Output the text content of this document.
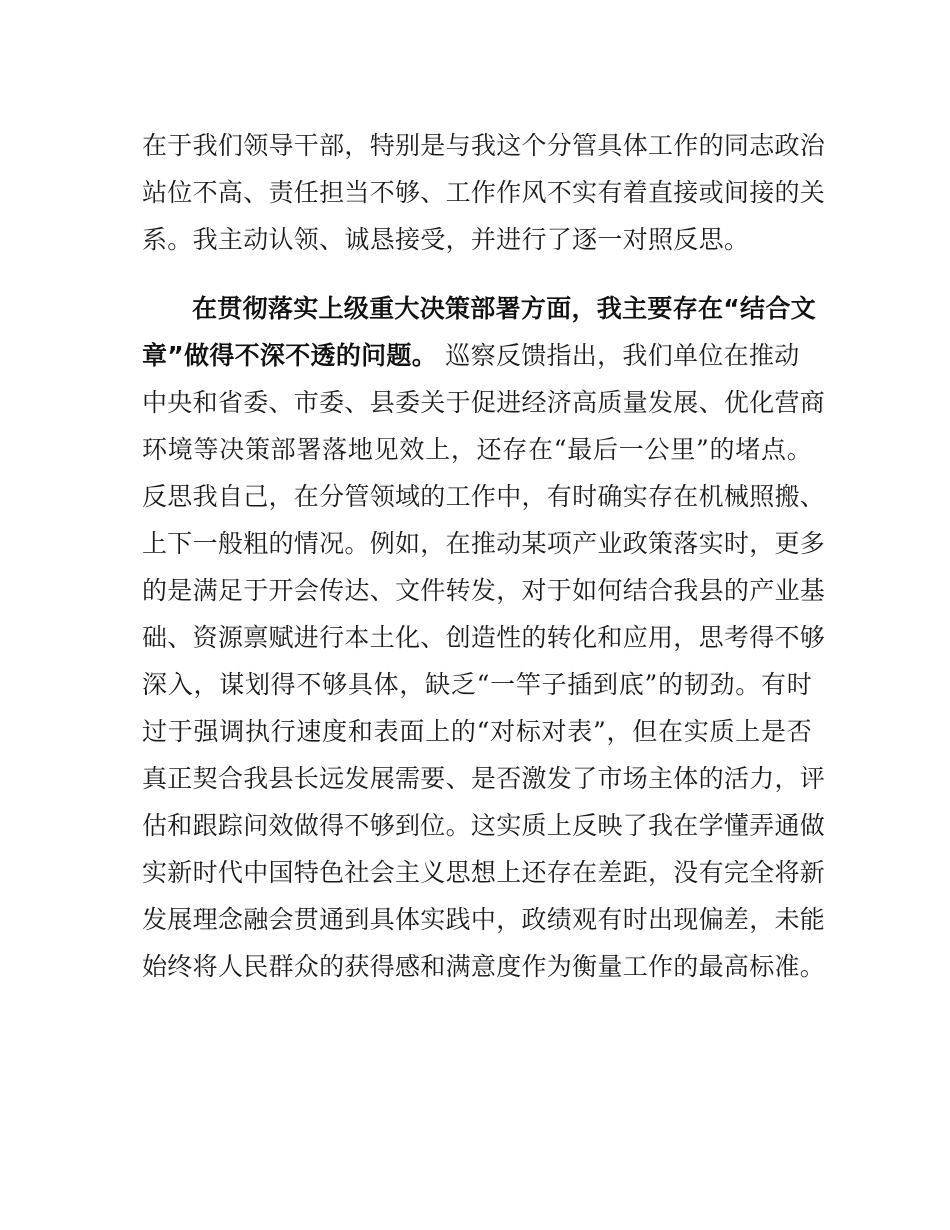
在于我们领导干部，特别是与我这个分管具体工作的同志政治
站位不高、责任担当不够、工作作风不实有着直接或间接的关
系。我主动认领、诚恳接受，并进行了逐一对照反思。
在贯彻落实上级重大决策部署方面，我主要存在“结合文
章”做得不深不透的问题。 巡察反馈指出，我们单位在推动
中央和省委、市委、县委关于促进经济高质量发展、优化营商
环境等决策部署落地见效上，还存在“最后一公里”的堵点。
反思我自己，在分管领域的工作中，有时确实存在机械照搬、
上下一般粗的情况。例如，在推动某项产业政策落实时，更多
的是满足于开会传达、文件转发，对于如何结合我县的产业基
础、资源禀赋进行本土化、创造性的转化和应用，思考得不够
深入，谋划得不够具体，缺乏“一竿子插到底”的韧劲。有时
过于强调执行速度和表面上的“对标对表”，但在实质上是否
真正契合我县长远发展需要、是否激发了市场主体的活力，评
估和跟踪问效做得不够到位。这实质上反映了我在学懂弄通做
实新时代中国特色社会主义思想上还存在差距，没有完全将新
发展理念融会贯通到具体实践中，政绩观有时出现偏差，未能
始终将人民群众的获得感和满意度作为衡量工作的最高标准。
